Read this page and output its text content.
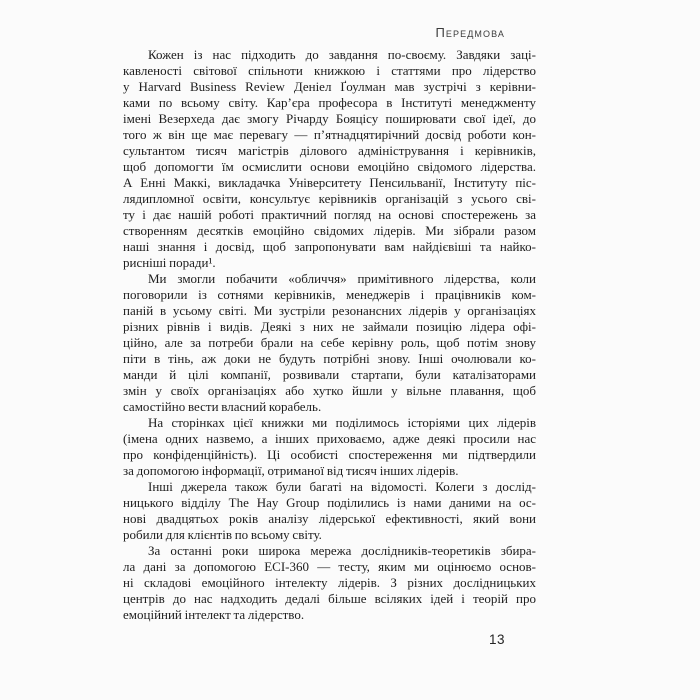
Передмова

Кожен із нас підходить до завдання по-своєму. Завдяки заці-
кавленості світової спільноти книжкою і статтями про лідерство
у Harvard Business Review Деніел Ґоулман мав зустрічі з керівни-
ками по всьому світу. Кар’єра професора в Інституті менеджменту
імені Везерхеда дає змогу Річарду Бояцісу поширювати свої ідеї, до
того ж він ще має перевагу — п’ятнадцятирічний досвід роботи кон-
сультантом тисяч магістрів ділового адміністрування і керівників,
щоб допомогти їм осмислити основи емоційно свідомого лідерства.
А Енні Маккі, викладачка Університету Пенсильванії, Інституту піс-
лядипломної освіти, консультує керівників організацій з усього сві-
ту і дає нашій роботі практичний погляд на основі спостережень за
створенням десятків емоційно свідомих лідерів. Ми зібрали разом
наші знання і досвід, щоб запропонувати вам найдієвіші та найко-
рисніші поради¹.

Ми змогли побачити «обличчя» примітивного лідерства, коли
поговорили із сотнями керівників, менеджерів і працівників ком-
паній в усьому світі. Ми зустріли резонансних лідерів у організаціях
різних рівнів і видів. Деякі з них не займали позицію лідера офі-
ційно, але за потреби брали на себе керівну роль, щоб потім знову
піти в тінь, аж доки не будуть потрібні знову. Інші очолювали ко-
манди й цілі компанії, розвивали стартапи, були каталізаторами
змін у своїх організаціях або хутко йшли у вільне плавання, щоб
самостійно вести власний корабель.

На сторінках цієї книжки ми поділимось історіями цих лідерів
(імена одних назвемо, а інших приховаємо, адже деякі просили нас
про конфіденційність). Ці особисті спостереження ми підтвердили
за допомогою інформації, отриманої від тисяч інших лідерів.

Інші джерела також були багаті на відомості. Колеги з дослід-
ницького відділу The Hay Group поділились із нами даними на ос-
нові двадцятьох років аналізу лідерської ефективності, який вони
робили для клієнтів по всьому світу.

За останні роки широка мережа дослідників-теоретиків збира-
ла дані за допомогою ECI-360 — тесту, яким ми оцінюємо основ-
ні складові емоційного інтелекту лідерів. З різних дослідницьких
центрів до нас надходить дедалі більше всіляких ідей і теорій про
емоційний інтелект та лідерство.

13
